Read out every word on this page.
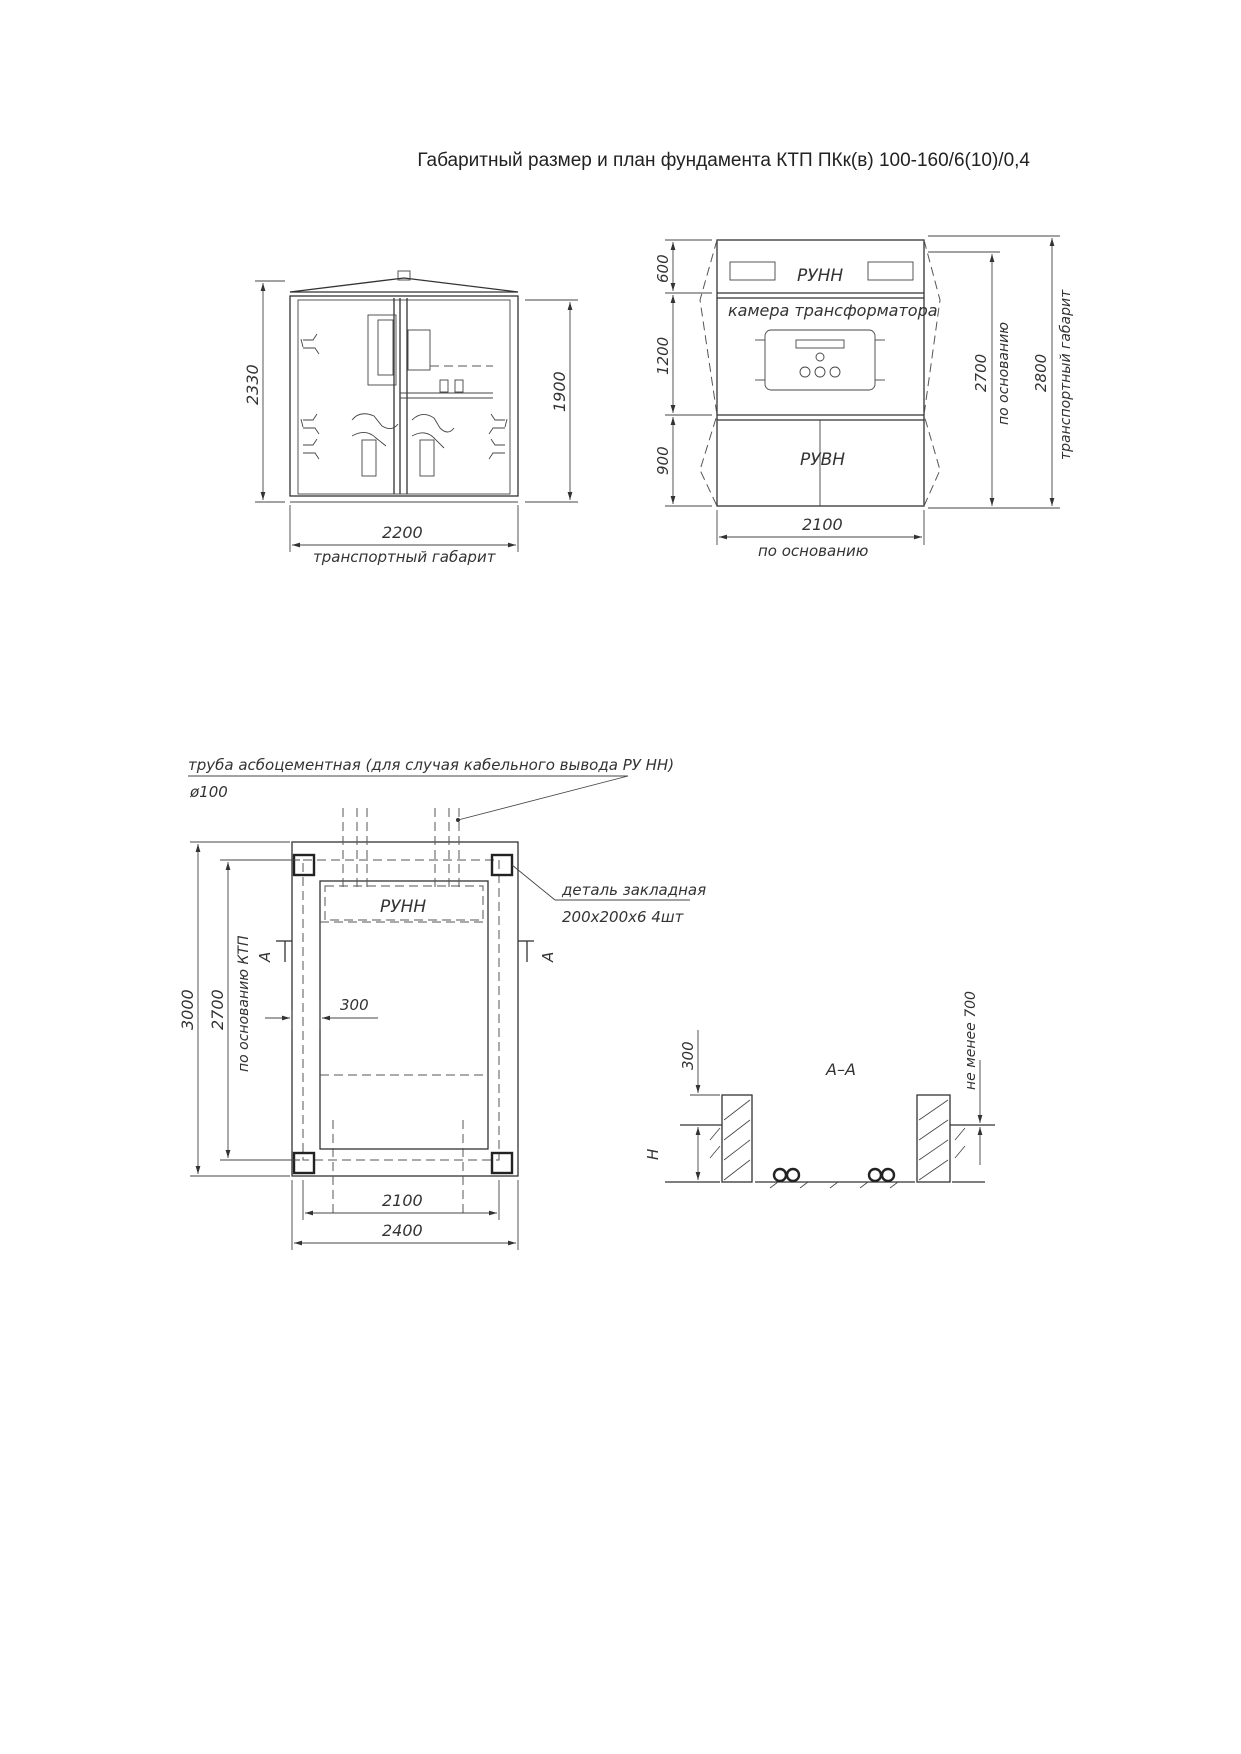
Габаритный размер и план фундамента КТП ПКк(в) 100-160/6(10)/0,4
2330	1900
2200
транспортный габарит
РУНН
камера трансформатора
РУВН
600
1200
900
2700 по основанию 2800 транспортный габарит
2100
по основанию
труба асбоцементная (для случая кабельного вывода РУ НН)
ø100
РУНН
деталь закладная
200х200х6 4шт
А	А
300
3000 2700 по основанию КТП
2100
2400
А–А
300
Н
не менее 700
